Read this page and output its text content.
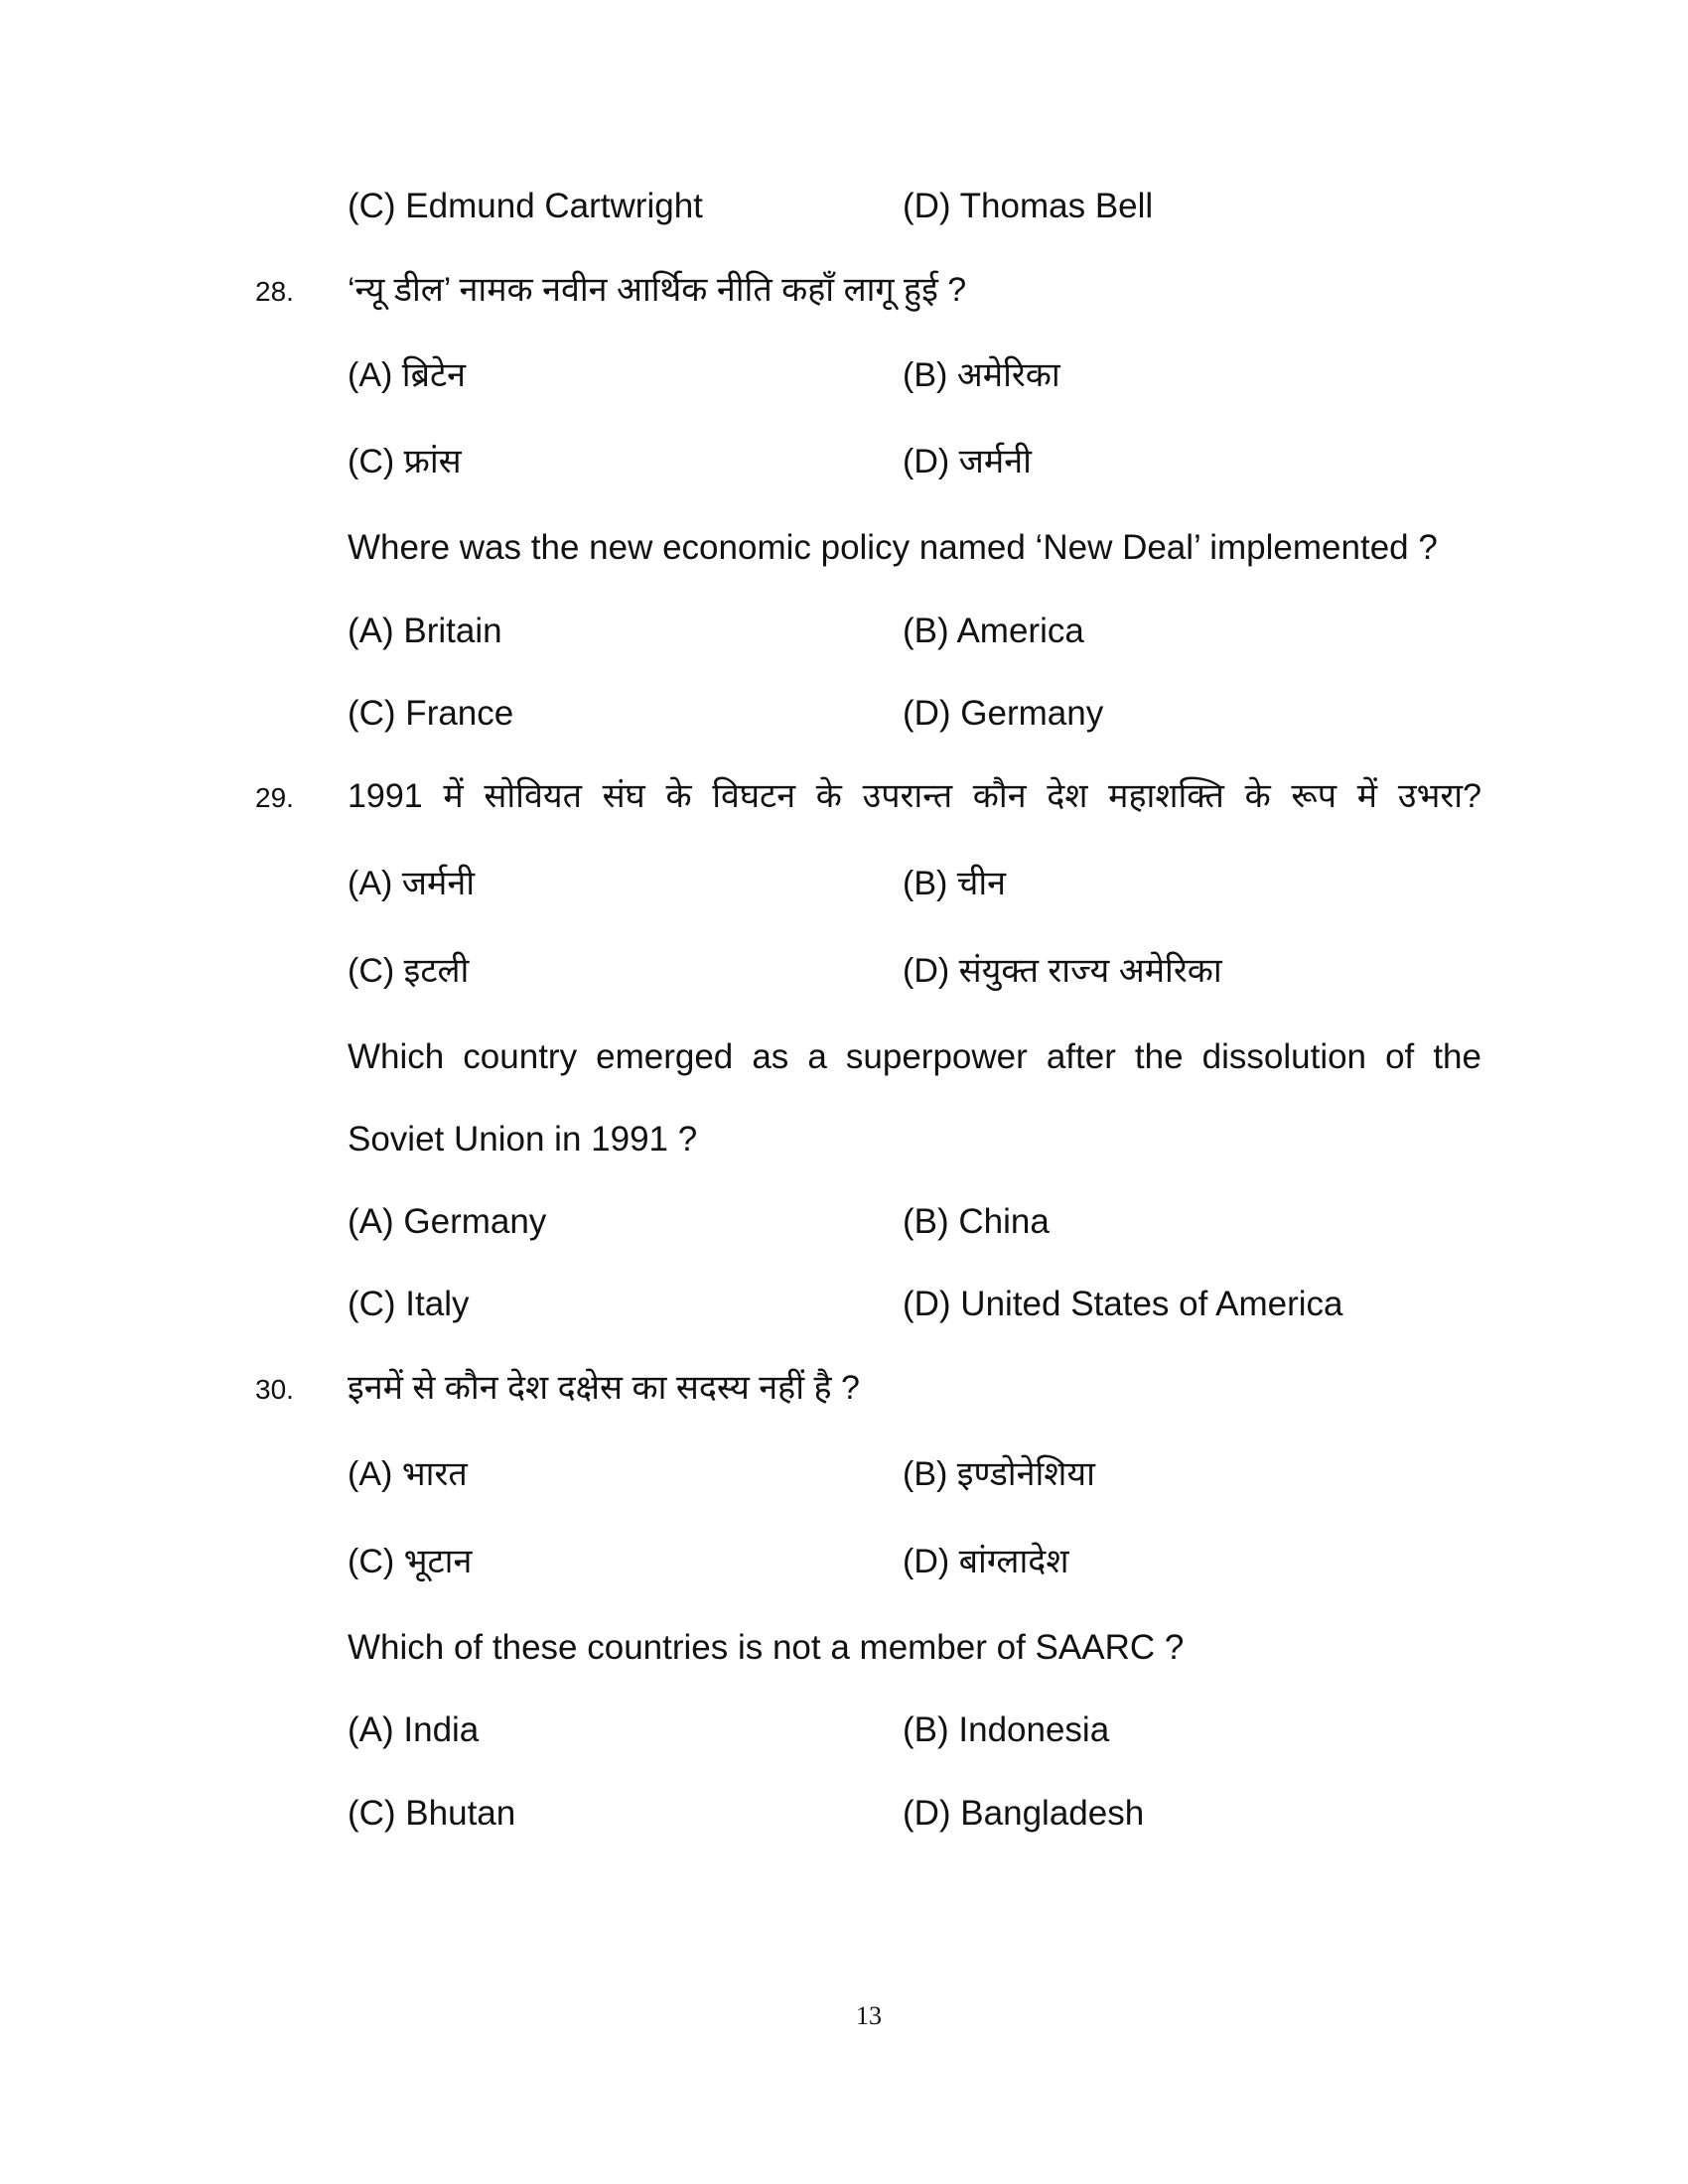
(C) Edmund Cartwright	(D) Thomas Bell
28. ‘न्यू डील’ नामक नवीन आर्थिक नीति कहाँ लागू हुई ?
(A) ब्रिटेन	(B) अमेरिका
(C) फ्रांस	(D) जर्मनी
Where was the new economic policy named ‘New Deal’ implemented ?
(A) Britain	(B) America
(C) France	(D) Germany
29. 1991 में सोवियत संघ के विघटन के उपरान्त कौन देश महाशक्ति के रूप में उभरा?
(A) जर्मनी	(B) चीन
(C) इटली	(D) संयुक्त राज्य अमेरिका
Which country emerged as a superpower after the dissolution of the
Soviet Union in 1991 ?
(A) Germany	(B) China
(C) Italy	(D) United States of America
30. इनमें से कौन देश दक्षेस का सदस्य नहीं है ?
(A) भारत	(B) इण्डोनेशिया
(C) भूटान	(D) बांग्लादेश
Which of these countries is not a member of SAARC ?
(A) India	(B) Indonesia
(C) Bhutan	(D) Bangladesh
13
